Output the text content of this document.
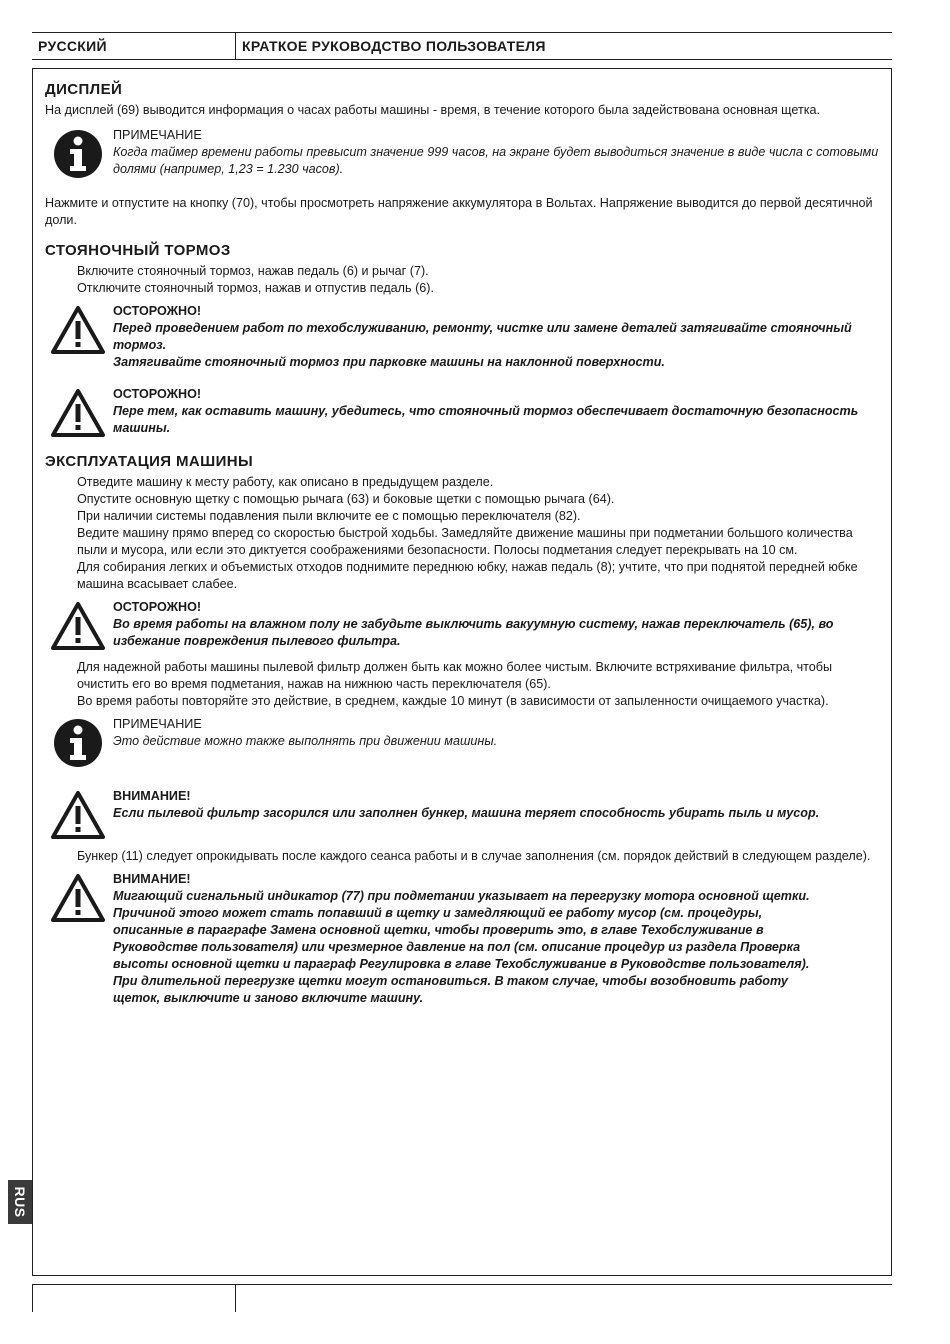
РУССКИЙ	КРАТКОЕ РУКОВОДСТВО ПОЛЬЗОВАТЕЛЯ
ДИСПЛЕЙ

На дисплей (69) выводится информация о часах работы машины - время, в течение которого была задействована основная щетка.

ПРИМЕЧАНИЕ
Когда таймер времени работы превысит значение 999 часов, на экране будет выводиться значение в виде числа с сотовыми долями (например, 1,23 = 1.230 часов).

Нажмите и отпустите на кнопку (70), чтобы просмотреть напряжение аккумулятора в Вольтах. Напряжение выводится до первой десятичной доли.

СТОЯНОЧНЫЙ ТОРМОЗ

Включите стояночный тормоз, нажав педаль (6) и рычаг (7).

Отключите стояночный тормоз, нажав и отпустив педаль (6).

ОСТОРОЖНО!
Перед проведением работ по техобслуживанию, ремонту, чистке или замене деталей затягивайте стояночный тормоз.
Затягивайте стояночный тормоз при парковке машины на наклонной поверхности.
ОСТОРОЖНО!
Пере тем, как оставить машину, убедитесь, что стояночный тормоз обеспечивает достаточную безопасность машины.
ЭКСПЛУАТАЦИЯ МАШИНЫ

Отведите машину к месту работу, как описано в предыдущем разделе.

Опустите основную щетку с помощью рычага (63) и боковые щетки с помощью рычага (64).

При наличии системы подавления пыли включите ее с помощью переключателя (82).

Ведите машину прямо вперед со скоростью быстрой ходьбы. Замедляйте движение машины при подметании большого количества пыли и мусора, или если это диктуется соображениями безопасности. Полосы подметания следует перекрывать на 10 см.

Для собирания легких и объемистых отходов поднимите переднюю юбку, нажав педаль (8); учтите, что при поднятой передней юбке машина всасывает слабее.

ОСТОРОЖНО!
Во время работы на влажном полу не забудьте выключить вакуумную систему, нажав переключатель (65), во избежание повреждения пылевого фильтра.

Для надежной работы машины пылевой фильтр должен быть как можно более чистым. Включите встряхивание фильтра, чтобы очистить его во время подметания, нажав на нижнюю часть переключателя (65).

Во время работы повторяйте это действие, в среднем, каждые 10 минут (в зависимости от запыленности очищаемого участка).

ПРИМЕЧАНИЕ
Это действие можно также выполнять при движении машины.
ВНИМАНИЕ!
Если пылевой фильтр засорился или заполнен бункер, машина теряет способность убирать пыль и мусор.

Бункер (11) следует опрокидывать после каждого сеанса работы и в случае заполнения (см. порядок действий в следующем разделе).

ВНИМАНИЕ!
Мигающий сигнальный индикатор (77) при подметании указывает на перегрузку мотора основной щетки. Причиной этого может стать попавший в щетку и замедляющий ее работу мусор (см. процедуры, описанные в параграфе Замена основной щетки, чтобы проверить это, в главе Техобслуживание в Руководстве пользователя) или чрезмерное давление на пол (см. описание процедур из раздела Проверка высоты основной щетки и параграф Регулировка в главе Техобслуживание в Руководстве пользователя). При длительной перегрузке щетки могут остановиться. В таком случае, чтобы возобновить работу щеток, выключите и заново включите машину.
RUS
